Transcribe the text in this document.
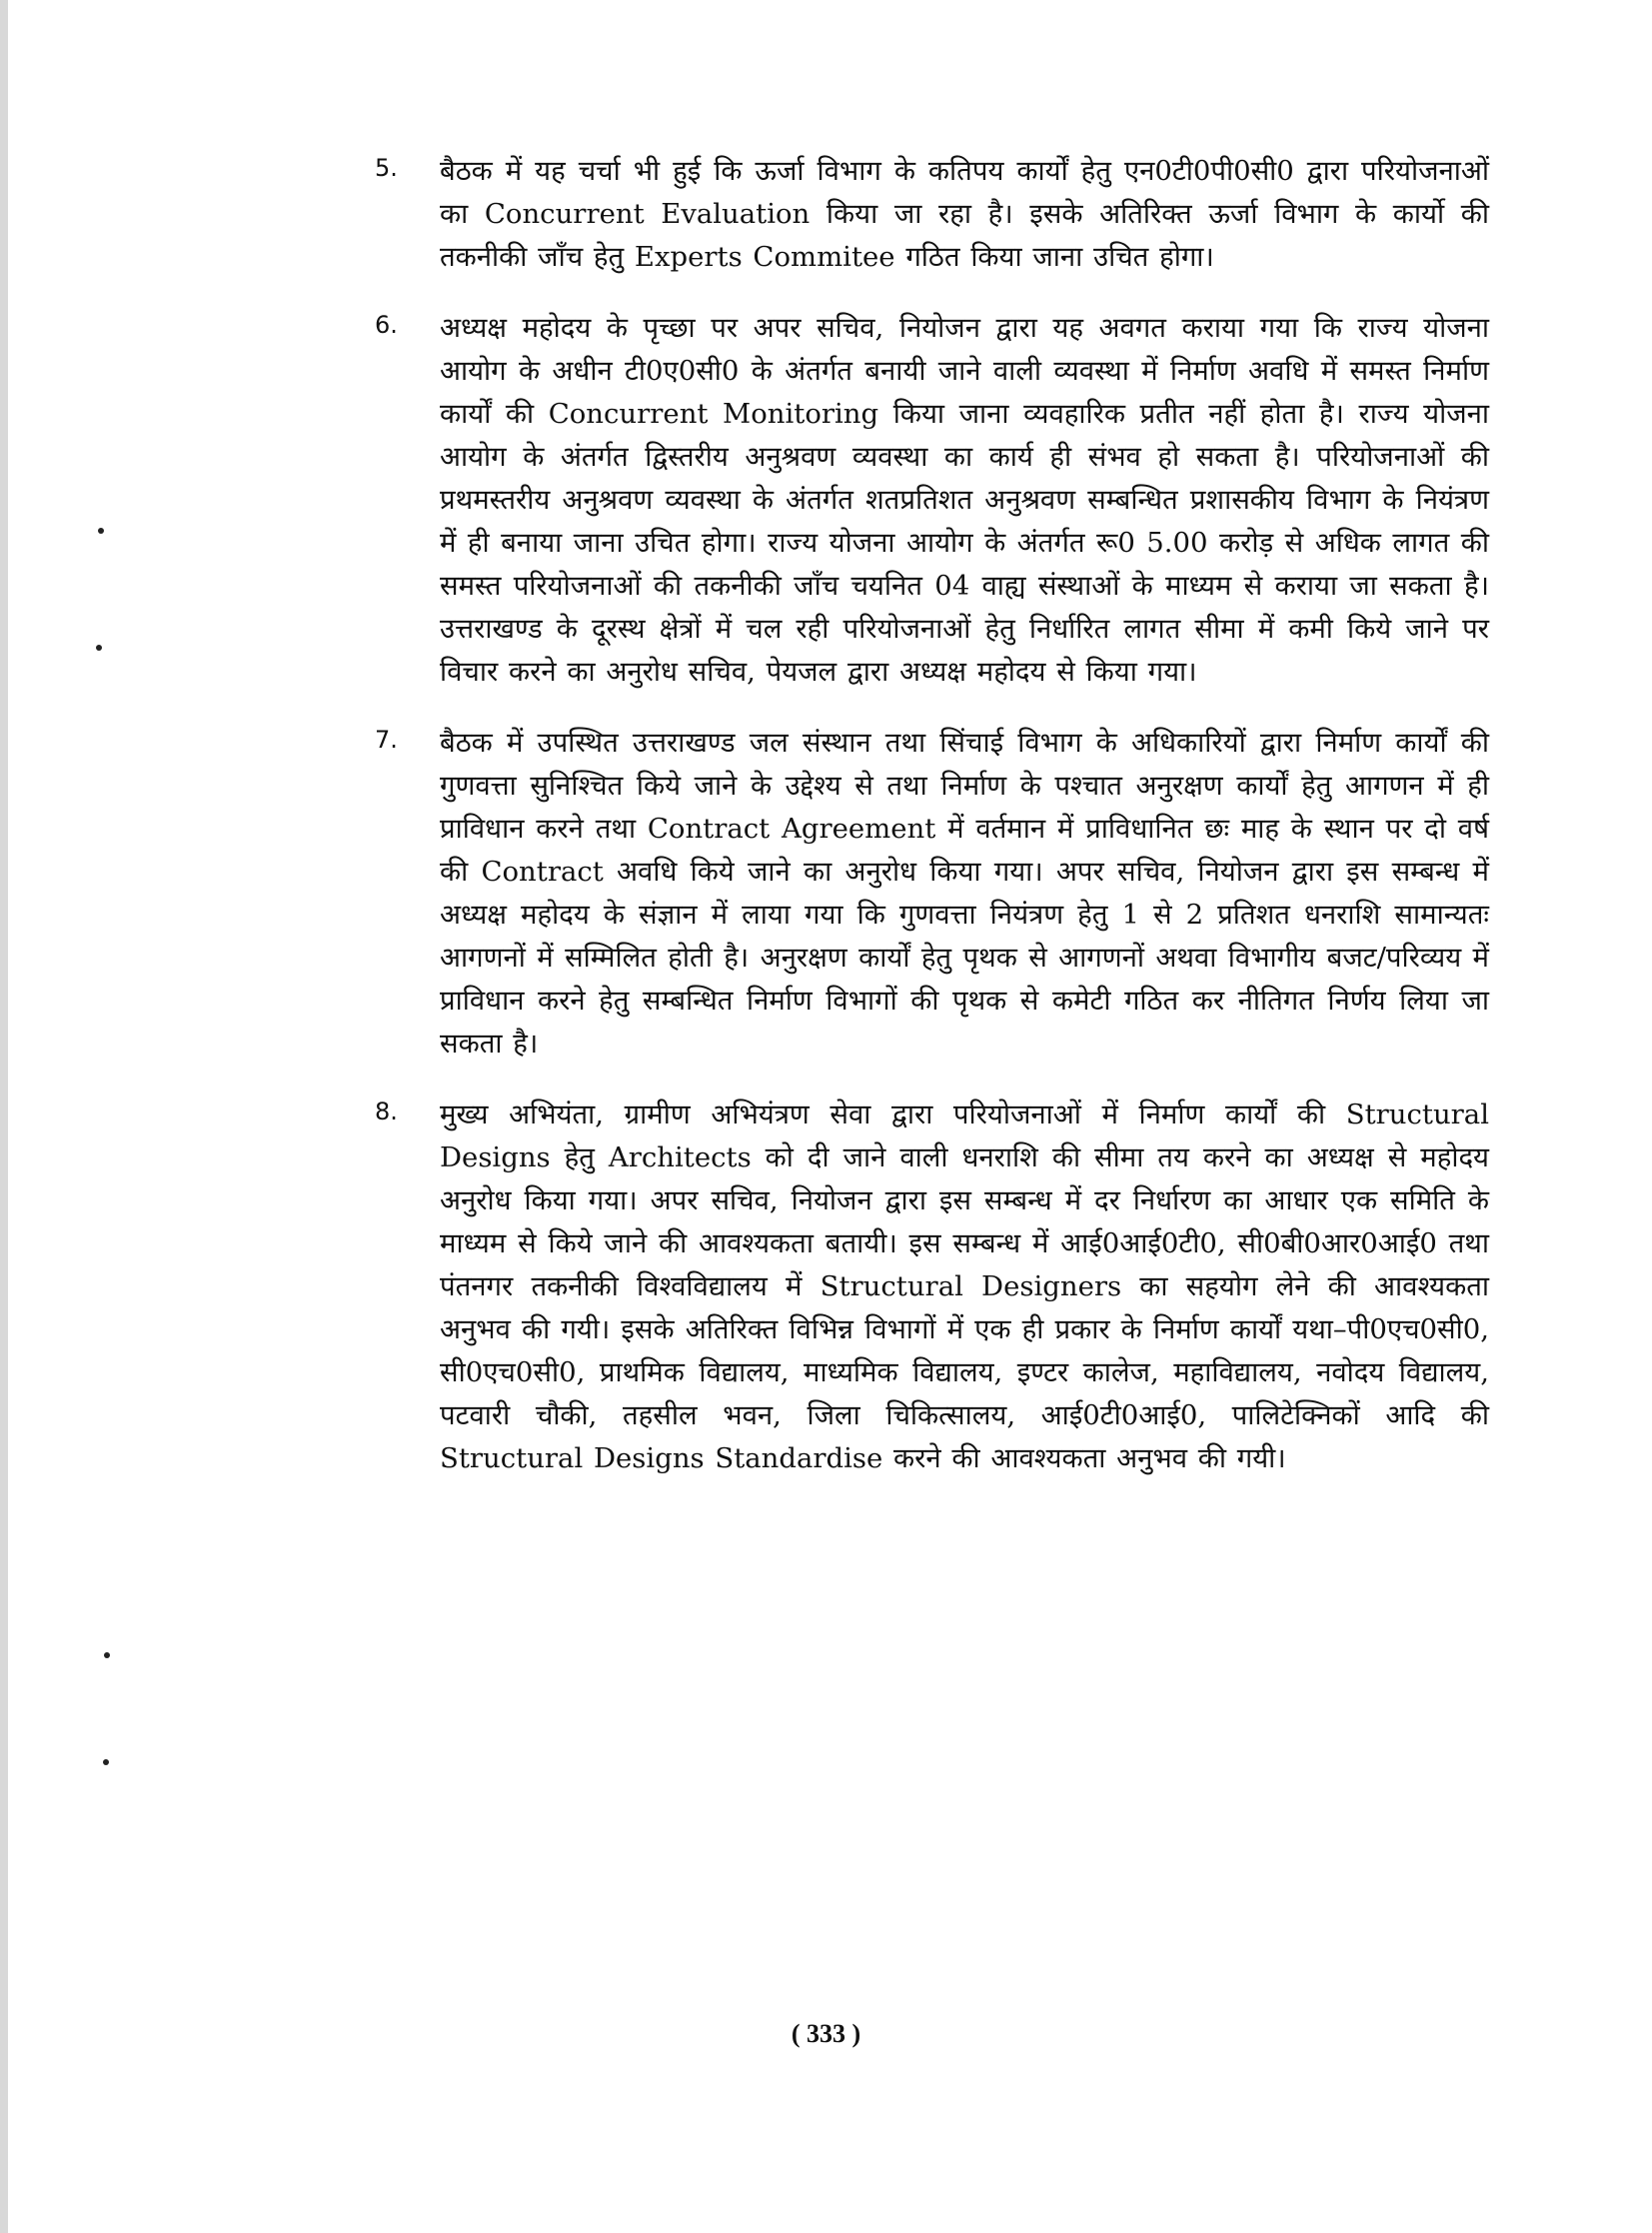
5. बैठक में यह चर्चा भी हुई कि ऊर्जा विभाग के कतिपय कार्यों हेतु एन0टी0पी0सी0 द्वारा परियोजनाओं का Concurrent Evaluation किया जा रहा है। इसके अतिरिक्त ऊर्जा विभाग के कार्यो की तकनीकी जाँच हेतु Experts Commitee गठित किया जाना उचित होगा।
6. अध्यक्ष महोदय के पृच्छा पर अपर सचिव, नियोजन द्वारा यह अवगत कराया गया कि राज्य योजना आयोग के अधीन टी0ए0सी0 के अंतर्गत बनायी जाने वाली व्यवस्था में निर्माण अवधि में समस्त निर्माण कार्यों की Concurrent Monitoring किया जाना व्यवहारिक प्रतीत नहीं होता है। राज्य योजना आयोग के अंतर्गत द्विस्तरीय अनुश्रवण व्यवस्था का कार्य ही संभव हो सकता है। परियोजनाओं की प्रथमस्तरीय अनुश्रवण व्यवस्था के अंतर्गत शतप्रतिशत अनुश्रवण सम्बन्धित प्रशासकीय विभाग के नियंत्रण में ही बनाया जाना उचित होगा। राज्य योजना आयोग के अंतर्गत रू0 5.00 करोड़ से अधिक लागत की समस्त परियोजनाओं की तकनीकी जाँच चयनित 04 वाह्य संस्थाओं के माध्यम से कराया जा सकता है। उत्तराखण्ड के दूरस्थ क्षेत्रों में चल रही परियोजनाओं हेतु निर्धारित लागत सीमा में कमी किये जाने पर विचार करने का अनुरोध सचिव, पेयजल द्वारा अध्यक्ष महोदय से किया गया।
7. बैठक में उपस्थित उत्तराखण्ड जल संस्थान तथा सिंचाई विभाग के अधिकारियों द्वारा निर्माण कार्यों की गुणवत्ता सुनिश्चित किये जाने के उद्देश्य से तथा निर्माण के पश्चात अनुरक्षण कार्यों हेतु आगणन में ही प्राविधान करने तथा Contract Agreement में वर्तमान में प्राविधानित छः माह के स्थान पर दो वर्ष की Contract अवधि किये जाने का अनुरोध किया गया। अपर सचिव, नियोजन द्वारा इस सम्बन्ध में अध्यक्ष महोदय के संज्ञान में लाया गया कि गुणवत्ता नियंत्रण हेतु 1 से 2 प्रतिशत धनराशि सामान्यतः आगणनों में सम्मिलित होती है। अनुरक्षण कार्यों हेतु पृथक से आगणनों अथवा विभागीय बजट/परिव्यय में प्राविधान करने हेतु सम्बन्धित निर्माण विभागों की पृथक से कमेटी गठित कर नीतिगत निर्णय लिया जा सकता है।
8. मुख्य अभियंता, ग्रामीण अभियंत्रण सेवा द्वारा परियोजनाओं में निर्माण कार्यों की Structural Designs हेतु Architects को दी जाने वाली धनराशि की सीमा तय करने का अध्यक्ष से महोदय अनुरोध किया गया। अपर सचिव, नियोजन द्वारा इस सम्बन्ध में दर निर्धारण का आधार एक समिति के माध्यम से किये जाने की आवश्यकता बतायी। इस सम्बन्ध में आई0आई0टी0, सी0बी0आर0आई0 तथा पंतनगर तकनीकी विश्वविद्यालय में Structural Designers का सहयोग लेने की आवश्यकता अनुभव की गयी। इसके अतिरिक्त विभिन्न विभागों में एक ही प्रकार के निर्माण कार्यों यथा–पी0एच0सी0, सी0एच0सी0, प्राथमिक विद्यालय, माध्यमिक विद्यालय, इण्टर कालेज, महाविद्यालय, नवोदय विद्यालय, पटवारी चौकी, तहसील भवन, जिला चिकित्सालय, आई0टी0आई0, पालिटेक्निकों आदि की Structural Designs Standardise करने की आवश्यकता अनुभव की गयी।
( 333 )
